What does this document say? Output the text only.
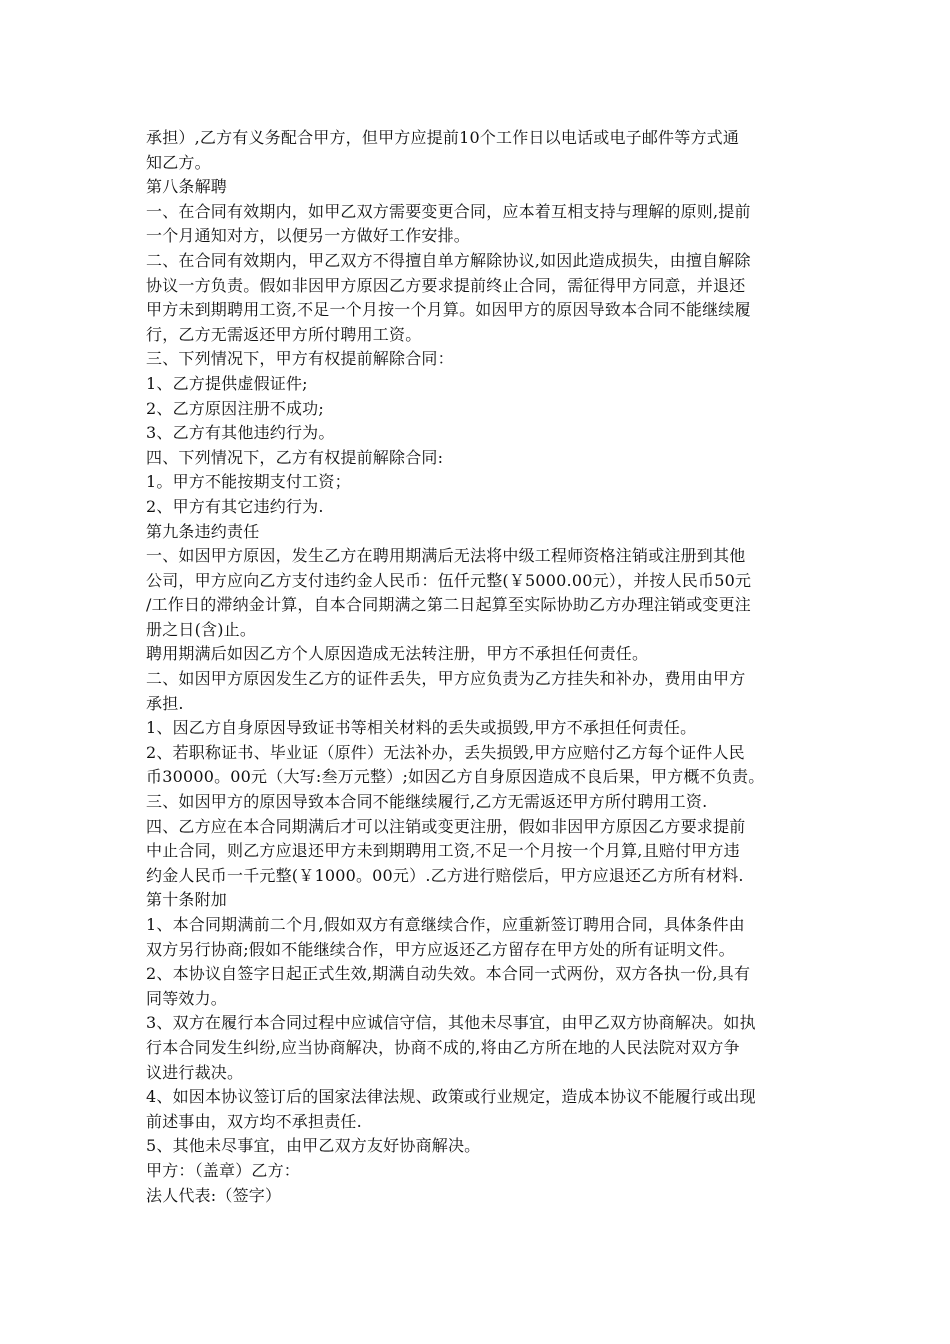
承担）,乙方有义务配合甲方，但甲方应提前10个工作日以电话或电子邮件等方式通
知乙方。
第八条解聘
一、在合同有效期内，如甲乙双方需要变更合同，应本着互相支持与理解的原则,提前
一个月通知对方，以便另一方做好工作安排。
二、在合同有效期内，甲乙双方不得擅自单方解除协议,如因此造成损失，由擅自解除
协议一方负责。假如非因甲方原因乙方要求提前终止合同，需征得甲方同意，并退还
甲方未到期聘用工资,不足一个月按一个月算。如因甲方的原因导致本合同不能继续履
行，乙方无需返还甲方所付聘用工资。
三、下列情况下，甲方有权提前解除合同：
1、乙方提供虚假证件;
2、乙方原因注册不成功;
3、乙方有其他违约行为。
四、下列情况下，乙方有权提前解除合同:
1。甲方不能按期支付工资；
2、甲方有其它违约行为.
第九条违约责任
一、如因甲方原因，发生乙方在聘用期满后无法将中级工程师资格注销或注册到其他
公司，甲方应向乙方支付违约金人民币：伍仟元整(￥5000.00元），并按人民币50元
/工作日的滞纳金计算，自本合同期满之第二日起算至实际协助乙方办理注销或变更注
册之日(含)止。
聘用期满后如因乙方个人原因造成无法转注册，甲方不承担任何责任。
二、如因甲方原因发生乙方的证件丢失，甲方应负责为乙方挂失和补办，费用由甲方
承担.
1、因乙方自身原因导致证书等相关材料的丢失或损毁,甲方不承担任何责任。
2、若职称证书、毕业证（原件）无法补办，丢失损毁,甲方应赔付乙方每个证件人民
币30000。00元（大写:叁万元整）;如因乙方自身原因造成不良后果，甲方概不负责。
三、如因甲方的原因导致本合同不能继续履行,乙方无需返还甲方所付聘用工资.
四、乙方应在本合同期满后才可以注销或变更注册，假如非因甲方原因乙方要求提前
中止合同，则乙方应退还甲方未到期聘用工资,不足一个月按一个月算,且赔付甲方违
约金人民币一千元整(￥1000。00元）.乙方进行赔偿后，甲方应退还乙方所有材料.
第十条附加
1、本合同期满前二个月,假如双方有意继续合作，应重新签订聘用合同，具体条件由
双方另行协商;假如不能继续合作，甲方应返还乙方留存在甲方处的所有证明文件。
2、本协议自签字日起正式生效,期满自动失效。本合同一式两份，双方各执一份,具有
同等效力。
3、双方在履行本合同过程中应诚信守信，其他未尽事宜，由甲乙双方协商解决。如执
行本合同发生纠纷,应当协商解决，协商不成的,将由乙方所在地的人民法院对双方争
议进行裁决。
4、如因本协议签订后的国家法律法规、政策或行业规定，造成本协议不能履行或出现
前述事由，双方均不承担责任.
5、其他未尽事宜，由甲乙双方友好协商解决。
甲方：（盖章）乙方：
法人代表:（签字）
